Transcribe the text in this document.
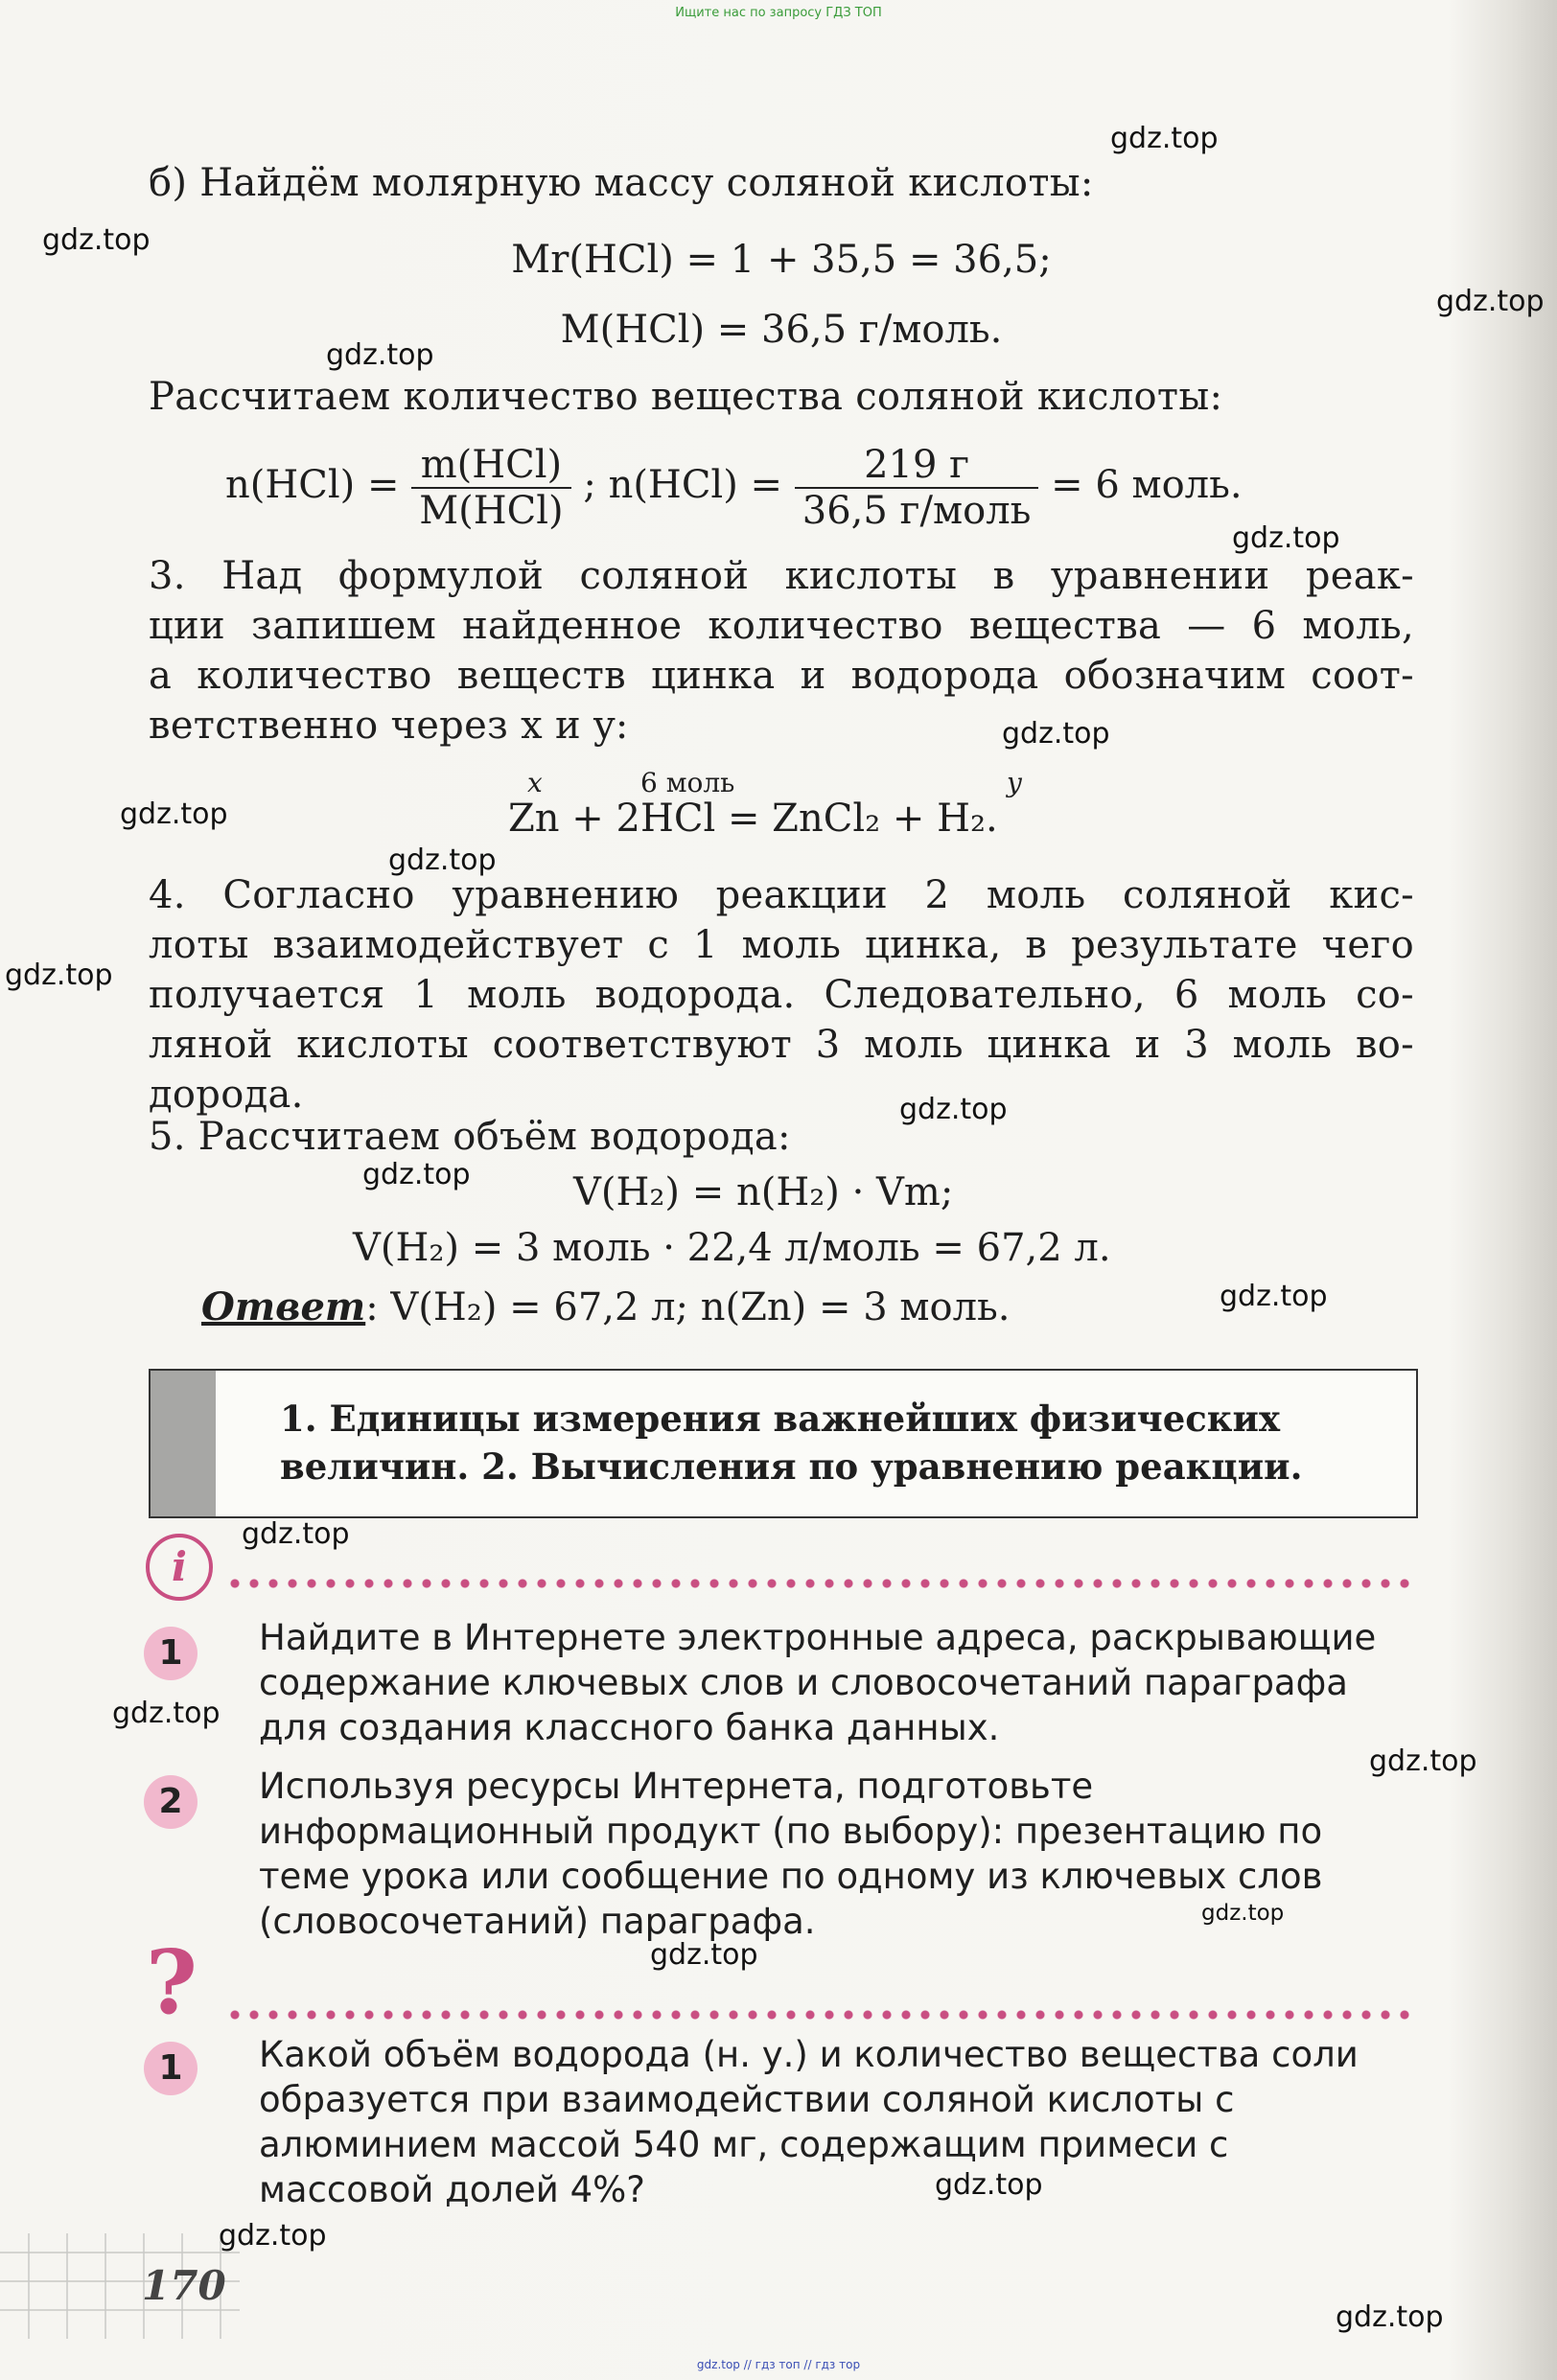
Ищите нас по запросу ГДЗ ТОП
б) Найдём молярную массу соляной кислоты:
Mr(HCl) = 1 + 35,5 = 36,5;
M(HCl) = 36,5 г/моль.
Рассчитаем количество вещества соляной кислоты:
$n(HCl) = \frac{\text{m(HCl)}}{\text{M(HCl)}}$ ; $n(HCl) = \frac{219 г}{\text{36,5 г/моль}} = 6$ моль.
3. Над формулой соляной кислоты в уравнении реак-
ции запишем найденное количество вещества — 6 моль,
а количество веществ цинка и водорода обозначим соот-
ветственно через x и y:
x	6 моль	y
Zn + 2HCl = ZnCl₂ + H₂.
4. Согласно уравнению реакции 2 моль соляной кис-
лоты взаимодействует с 1 моль цинка, в результате чего
получается 1 моль водорода. Следовательно, 6 моль со-
ляной кислоты соответствуют 3 моль цинка и 3 моль во-
дорода.
5. Рассчитаем объём водорода:
V(H₂) = n(H₂) · Vm;
V(H₂) = 3 моль · 22,4 л/моль = 67,2 л.
Ответ: V(H₂) = 67,2 л; n(Zn) = 3 моль.
1. Единицы измерения важнейших физических величин. 2. Вычисления по уравнению реакции.
i
1	Найдите в Интернете электронные адреса, раскрывающие содержание ключевых слов и словосочетаний параграфа для создания классного банка данных.
2	Используя ресурсы Интернета, подготовьте информационный продукт (по выбору): презентацию по теме урока или сообщение по одному из ключевых слов (словосочетаний) параграфа.
?
1	Какой объём водорода (н. у.) и количество вещества соли образуется при взаимодействии соляной кислоты с алюминием массой 540 мг, содержащим примеси с массовой долей 4%?
170
gdz.top
gdz.top
gdz.top
gdz.top
gdz.top
gdz.top
gdz.top
gdz.top
gdz.top
gdz.top
gdz.top
gdz.top
gdz.top
gdz.top
gdz.top
gdz.top
gdz.top
gdz.top
gdz.top
gdz.top
gdz.top // гдз топ // гдз тор
